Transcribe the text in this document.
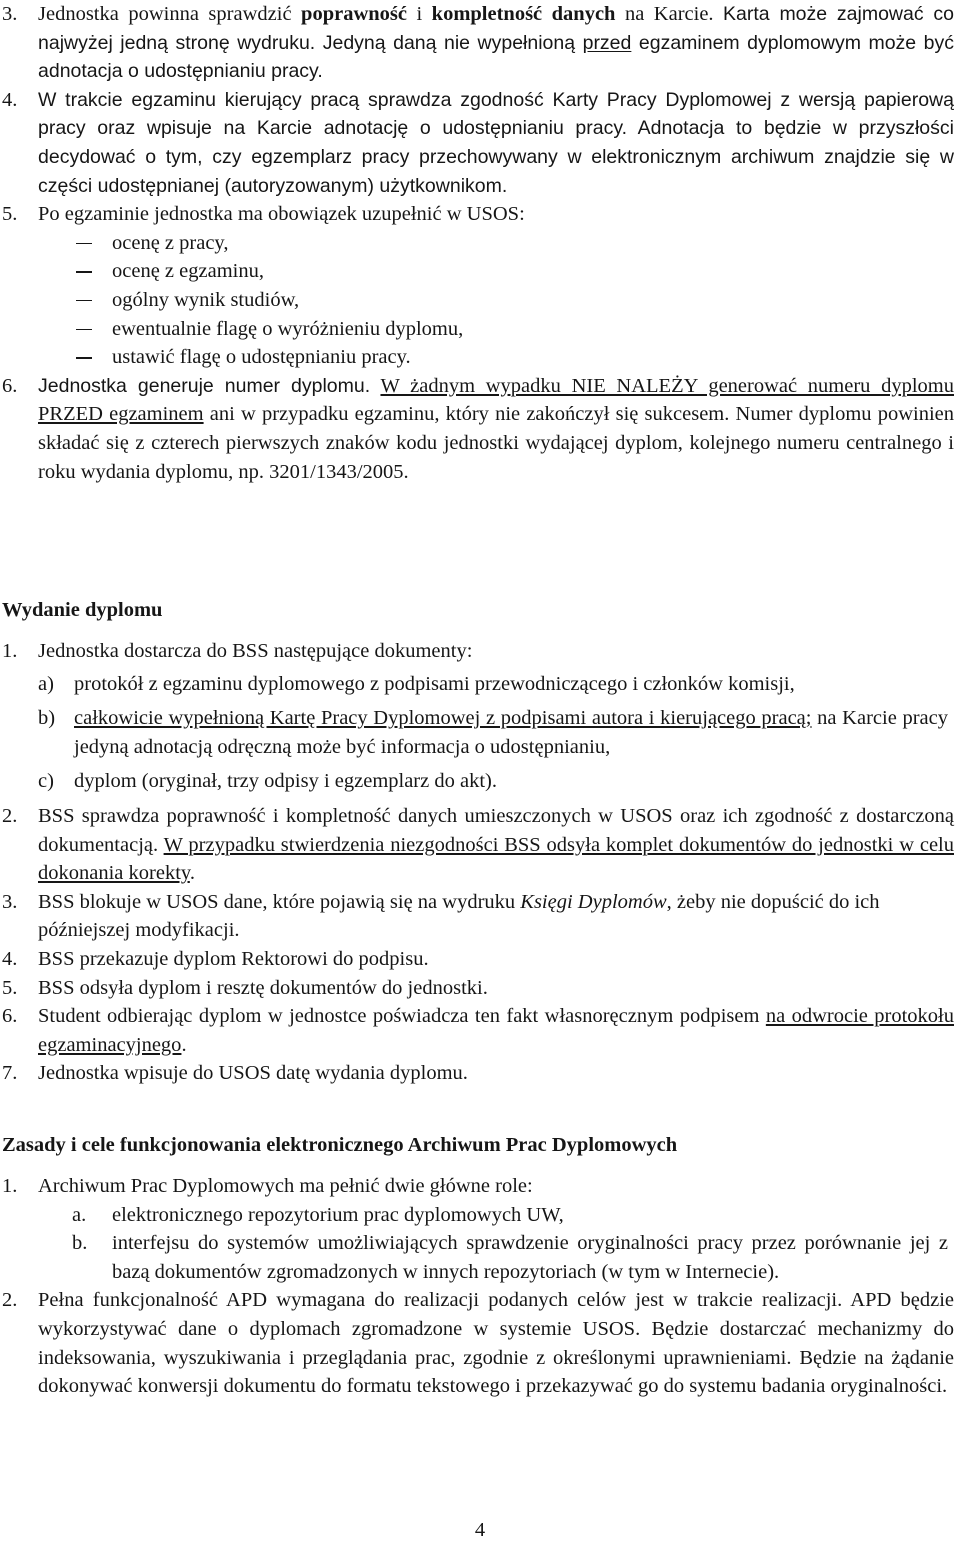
3.	Jednostka powinna sprawdzić poprawność i kompletność danych na Karcie. Karta może zajmować co najwyżej jedną stronę wydruku. Jedyną daną nie wypełnioną przed egzaminem dyplomowym może być adnotacja o udostępnianiu pracy.
4.	W trakcie egzaminu kierujący pracą sprawdza zgodność Karty Pracy Dyplomowej z wersją papierową pracy oraz wpisuje na Karcie adnotację o udostępnianiu pracy. Adnotacja to będzie w przyszłości decydować o tym, czy egzemplarz pracy przechowywany w elektronicznym archiwum znajdzie się w części udostępnianej (autoryzowanym) użytkownikom.
5.	Po egzaminie jednostka ma obowiązek uzupełnić w USOS:
ocenę z pracy,
ocenę z egzaminu,
ogólny wynik studiów,
ewentualnie flagę o wyróżnieniu dyplomu,
ustawić flagę o udostępnianiu pracy.
6.	Jednostka generuje numer dyplomu. W żadnym wypadku NIE NALEŻY generować numeru dyplomu PRZED egzaminem ani w przypadku egzaminu, który nie zakończył się sukcesem. Numer dyplomu powinien składać się z czterech pierwszych znaków kodu jednostki wydającej dyplom, kolejnego numeru centralnego i roku wydania dyplomu, np. 3201/1343/2005.
Wydanie dyplomu
1.	Jednostka dostarcza do BSS następujące dokumenty:
a) protokół z egzaminu dyplomowego z podpisami przewodniczącego i członków komisji,
b) całkowicie wypełnioną Kartę Pracy Dyplomowej z podpisami autora i kierującego pracą; na Karcie pracy jedyną adnotacją odręczną może być informacja o udostępnianiu,
c) dyplom (oryginał, trzy odpisy i egzemplarz do akt).
2.	BSS sprawdza poprawność i kompletność danych umieszczonych w USOS oraz ich zgodność z dostarczoną dokumentacją. W przypadku stwierdzenia niezgodności BSS odsyła komplet dokumentów do jednostki w celu dokonania korekty.
3.	BSS blokuje w USOS dane, które pojawią się na wydruku Księgi Dyplomów, żeby nie dopuścić do ich późniejszej modyfikacji.
4.	BSS przekazuje dyplom Rektorowi do podpisu.
5.	BSS odsyła dyplom i resztę dokumentów do jednostki.
6.	Student odbierając dyplom w jednostce poświadcza ten fakt własnoręcznym podpisem na odwrocie protokołu egzaminacyjnego.
7.	Jednostka wpisuje do USOS datę wydania dyplomu.
Zasady i cele funkcjonowania elektronicznego Archiwum Prac Dyplomowych
1.	Archiwum Prac Dyplomowych ma pełnić dwie główne role:
a.	elektronicznego repozytorium prac dyplomowych UW,
b.	interfejsu do systemów umożliwiających sprawdzenie oryginalności pracy przez porównanie jej z bazą dokumentów zgromadzonych w innych repozytoriach (w tym w Internecie).
2.	Pełna funkcjonalność APD wymagana do realizacji podanych celów jest w trakcie realizacji. APD będzie wykorzystywać dane o dyplomach zgromadzone w systemie USOS. Będzie dostarczać mechanizmy do indeksowania, wyszukiwania i przeglądania prac, zgodnie z określonymi uprawnieniami. Będzie na żądanie dokonywać konwersji dokumentu do formatu tekstowego i przekazywać go do systemu badania oryginalności.
4
